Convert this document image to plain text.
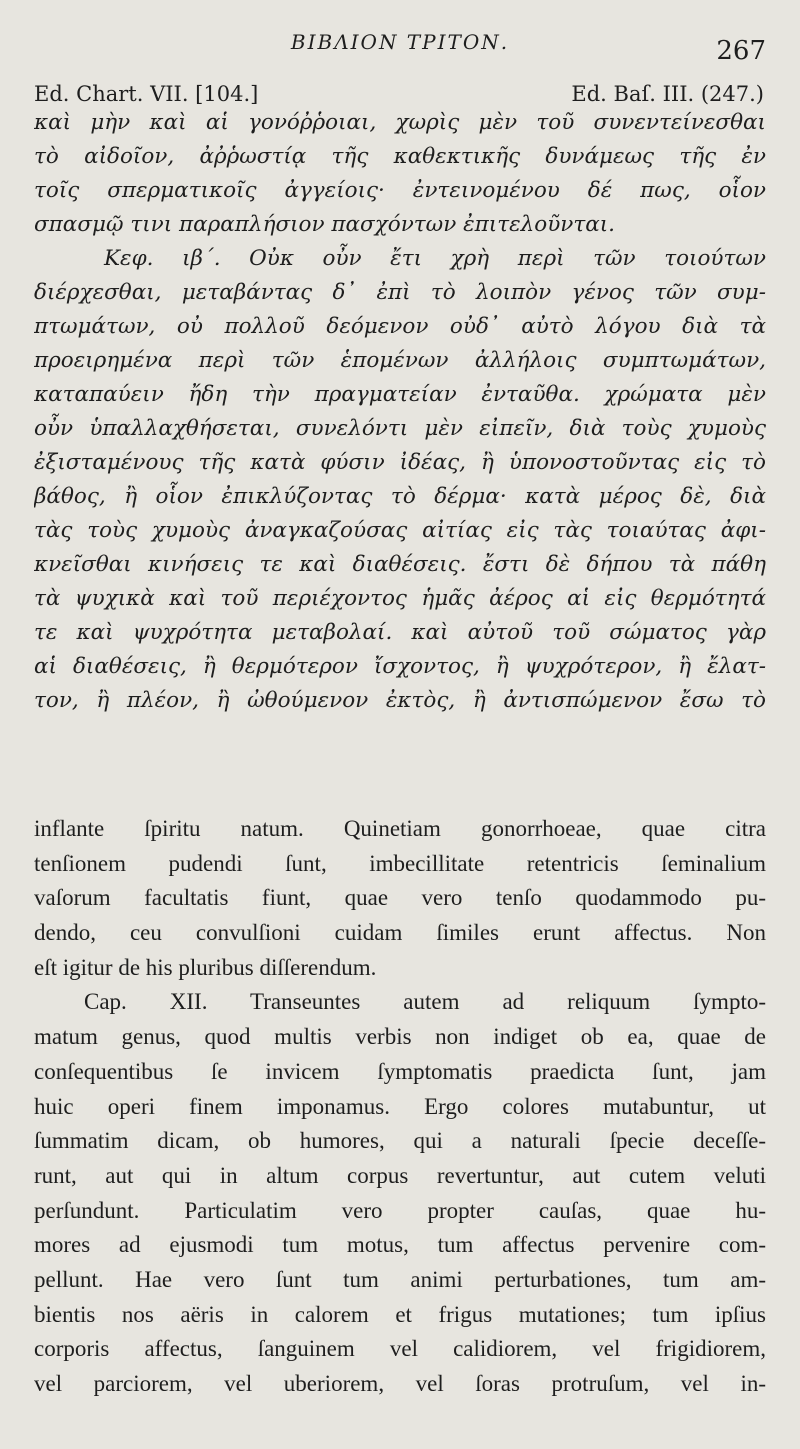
BIBΛΙΟΝ ΤΡΙΤΟΝ.	267
Ed. Chart. VII. [104.]	Ed. Baſ. III. (247.)
καὶ μὴν καὶ αἱ γονόῤῥοιαι, χωρὶς μὲν τοῦ συνεντείνεσθαι
τὸ αἰδοῖον, ἀῤῥωστίᾳ τῆς καθεκτικῆς δυνάμεως τῆς ἐν
τοῖς σπερματικοῖς ἀγγείοις· ἐντεινομένου δέ πως, οἷον
σπασμῷ τινι παραπλήσιον πασχόντων ἐπιτελοῦνται.
Κεφ. ιβ΄. Οὐκ οὖν ἔτι χρὴ περὶ τῶν τοιούτων
διέρχεσθαι, μεταβάντας δ᾽ ἐπὶ τὸ λοιπὸν γένος τῶν συμ-
πτωμάτων, οὐ πολλοῦ δεόμενον οὐδ᾽ αὐτὸ λόγου διὰ τὰ
προειρημένα περὶ τῶν ἑπομένων ἀλλήλοις συμπτωμάτων,
καταπαύειν ἤδη τὴν πραγματείαν ἐνταῦθα. χρώματα μὲν
οὖν ὑπαλλαχθήσεται, συνελόντι μὲν εἰπεῖν, διὰ τοὺς χυμοὺς
ἐξισταμένους τῆς κατὰ φύσιν ἰδέας, ἢ ὑπονοστοῦντας εἰς τὸ
βάθος, ἢ οἷον ἐπικλύζοντας τὸ δέρμα· κατὰ μέρος δὲ, διὰ
τὰς τοὺς χυμοὺς ἀναγκαζούσας αἰτίας εἰς τὰς τοιαύτας ἀφι-
κνεῖσθαι κινήσεις τε καὶ διαθέσεις. ἔστι δὲ δήπου τὰ πάθη
τὰ ψυχικὰ καὶ τοῦ περιέχοντος ἡμᾶς ἀέρος αἱ εἰς θερμότητά
τε καὶ ψυχρότητα μεταβολαί. καὶ αὐτοῦ τοῦ σώματος γὰρ
αἱ διαθέσεις, ἢ θερμότερον ἴσχοντος, ἢ ψυχρότερον, ἢ ἔλατ-
τον, ἢ πλέον, ἢ ὠθούμενον ἐκτὸς, ἢ ἀντισπώμενον ἔσω τὸ
inflante ſpiritu natum. Quinetiam gonorrhoeae, quae citra
tenſionem pudendi ſunt, imbecillitate retentricis ſeminalium
vaſorum facultatis fiunt, quae vero tenſo quodammodo pu-
dendo, ceu convulſioni cuidam ſimiles erunt affectus. Non
eſt igitur de his pluribus diſſerendum.
Cap. XII. Transeuntes autem ad reliquum ſympto-
matum genus, quod multis verbis non indiget ob ea, quae de
conſequentibus ſe invicem ſymptomatis praedicta ſunt, jam
huic operi finem imponamus. Ergo colores mutabuntur, ut
ſummatim dicam, ob humores, qui a naturali ſpecie deceſſe-
runt, aut qui in altum corpus revertuntur, aut cutem veluti
perſundunt. Particulatim vero propter cauſas, quae hu-
mores ad ejusmodi tum motus, tum affectus pervenire com-
pellunt. Hae vero ſunt tum animi perturbationes, tum am-
bientis nos aëris in calorem et frigus mutationes; tum ipſius
corporis affectus, ſanguinem vel calidiorem, vel frigidiorem,
vel parciorem, vel uberiorem, vel ſoras protruſum, vel in-
